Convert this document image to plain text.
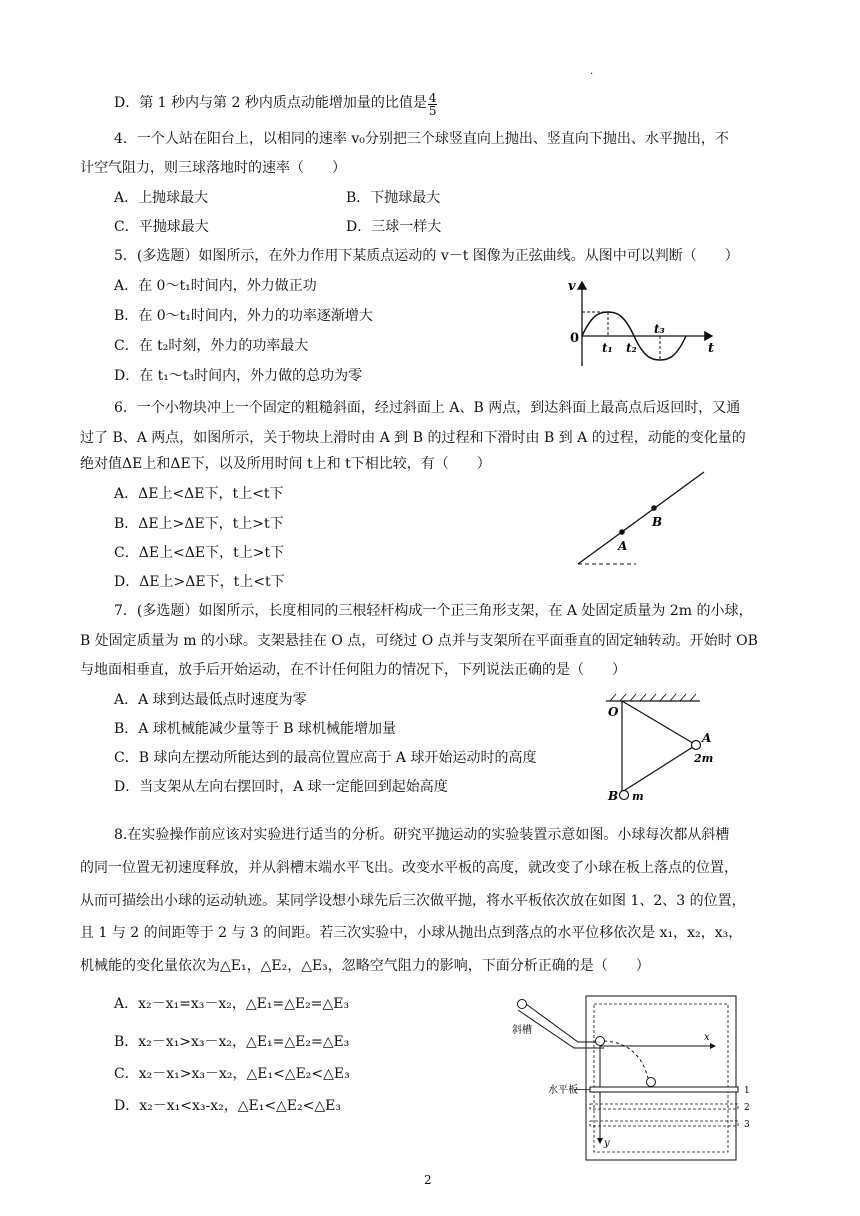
.
D．第 1 秒内与第 2 秒内质点动能增加量的比值是 $\frac{4}{5}$
4．一个人站在阳台上，以相同的速率 v₀分别把三个球竖直向上抛出、竖直向下抛出、水平抛出，不
计空气阻力，则三球落地时的速率（　　）
A．上抛球最大	B．下抛球最大
C．平抛球最大	D．三球一样大
5．(多选题）如图所示，在外力作用下某质点运动的 v－t 图像为正弦曲线。从图中可以判断（　　）
A．在 0～t₁时间内，外力做正功
B．在 0～t₁时间内，外力的功率逐渐增大
C．在 t₂时刻，外力的功率最大
D．在 t₁～t₃时间内，外力做的总功为零
v
t
0
t₁ t₂
t₃
6．一个小物块冲上一个固定的粗糙斜面，经过斜面上 A、B 两点，到达斜面上最高点后返回时，又通
过了 B、A 两点，如图所示，关于物块上滑时由 A 到 B 的过程和下滑时由 B 到 A 的过程，动能的变化量的
绝对值ΔE上和ΔE下，以及所用时间 t上和 t下相比较，有（　　）
A．ΔE上<ΔE下，t上<t下
B．ΔE上>ΔE下，t上>t下
C．ΔE上<ΔE下，t上>t下
D．ΔE上>ΔE下，t上<t下
A
B
7．(多选题）如图所示，长度相同的三根轻杆构成一个正三角形支架，在 A 处固定质量为 2m 的小球，
B 处固定质量为 m 的小球。支架悬挂在 O 点，可绕过 O 点并与支架所在平面垂直的固定轴转动。开始时 OB
与地面相垂直，放手后开始运动，在不计任何阻力的情况下，下列说法正确的是（　　）
A．A 球到达最低点时速度为零
B．A 球机械能减少量等于 B 球机械能增加量
C．B 球向左摆动所能达到的最高位置应高于 A 球开始运动时的高度
D．当支架从左向右摆回时，A 球一定能回到起始高度
O
A
2m
B m
8.在实验操作前应该对实验进行适当的分析。研究平抛运动的实验装置示意如图。小球每次都从斜槽
的同一位置无初速度释放，并从斜槽末端水平飞出。改变水平板的高度，就改变了小球在板上落点的位置，
从而可描绘出小球的运动轨迹。某同学设想小球先后三次做平抛，将水平板依次放在如图 1、2、3 的位置，
且 1 与 2 的间距等于 2 与 3 的间距。若三次实验中，小球从抛出点到落点的水平位移依次是 x₁，x₂，x₃，
机械能的变化量依次为△E₁，△E₂，△E₃，忽略空气阻力的影响，下面分析正确的是（　　）
A．x₂－x₁=x₃－x₂，△E₁=△E₂=△E₃
B．x₂－x₁>x₃－x₂，△E₁=△E₂=△E₃
C．x₂－x₁>x₃－x₂，△E₁<△E₂<△E₃
D．x₂－x₁<x₃-x₂，△E₁<△E₂<△E₃
斜槽
x
y
水平板	1
2
3
2
